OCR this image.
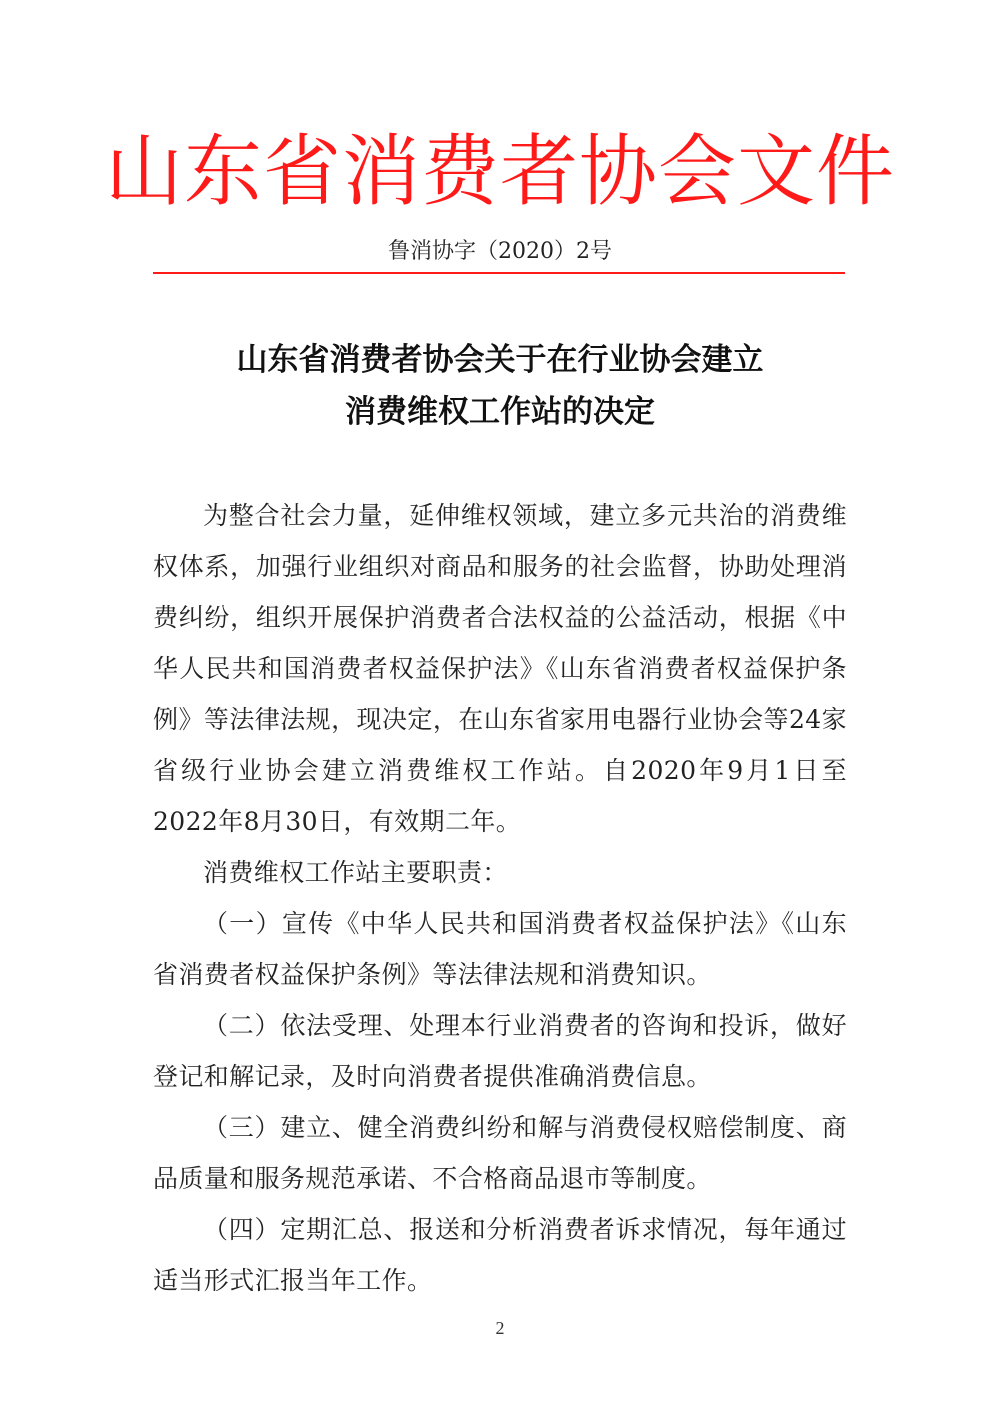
山东省消费者协会文件
鲁消协字（2020）2号
山东省消费者协会关于在行业协会建立
消费维权工作站的决定

为整合社会力量，延伸维权领域，建立多元共治的消费维权体系，加强行业组织对商品和服务的社会监督，协助处理消费纠纷，组织开展保护消费者合法权益的公益活动，根据《中华人民共和国消费者权益保护法》《山东省消费者权益保护条例》等法律法规，现决定，在山东省家用电器行业协会等24家省级行业协会建立消费维权工作站。自2020年9月1日至2022年8月30日，有效期二年。

消费维权工作站主要职责：

（一）宣传《中华人民共和国消费者权益保护法》《山东省消费者权益保护条例》等法律法规和消费知识。

（二）依法受理、处理本行业消费者的咨询和投诉，做好登记和解记录，及时向消费者提供准确消费信息。

（三）建立、健全消费纠纷和解与消费侵权赔偿制度、商品质量和服务规范承诺、不合格商品退市等制度。

（四）定期汇总、报送和分析消费者诉求情况，每年通过适当形式汇报当年工作。

2
